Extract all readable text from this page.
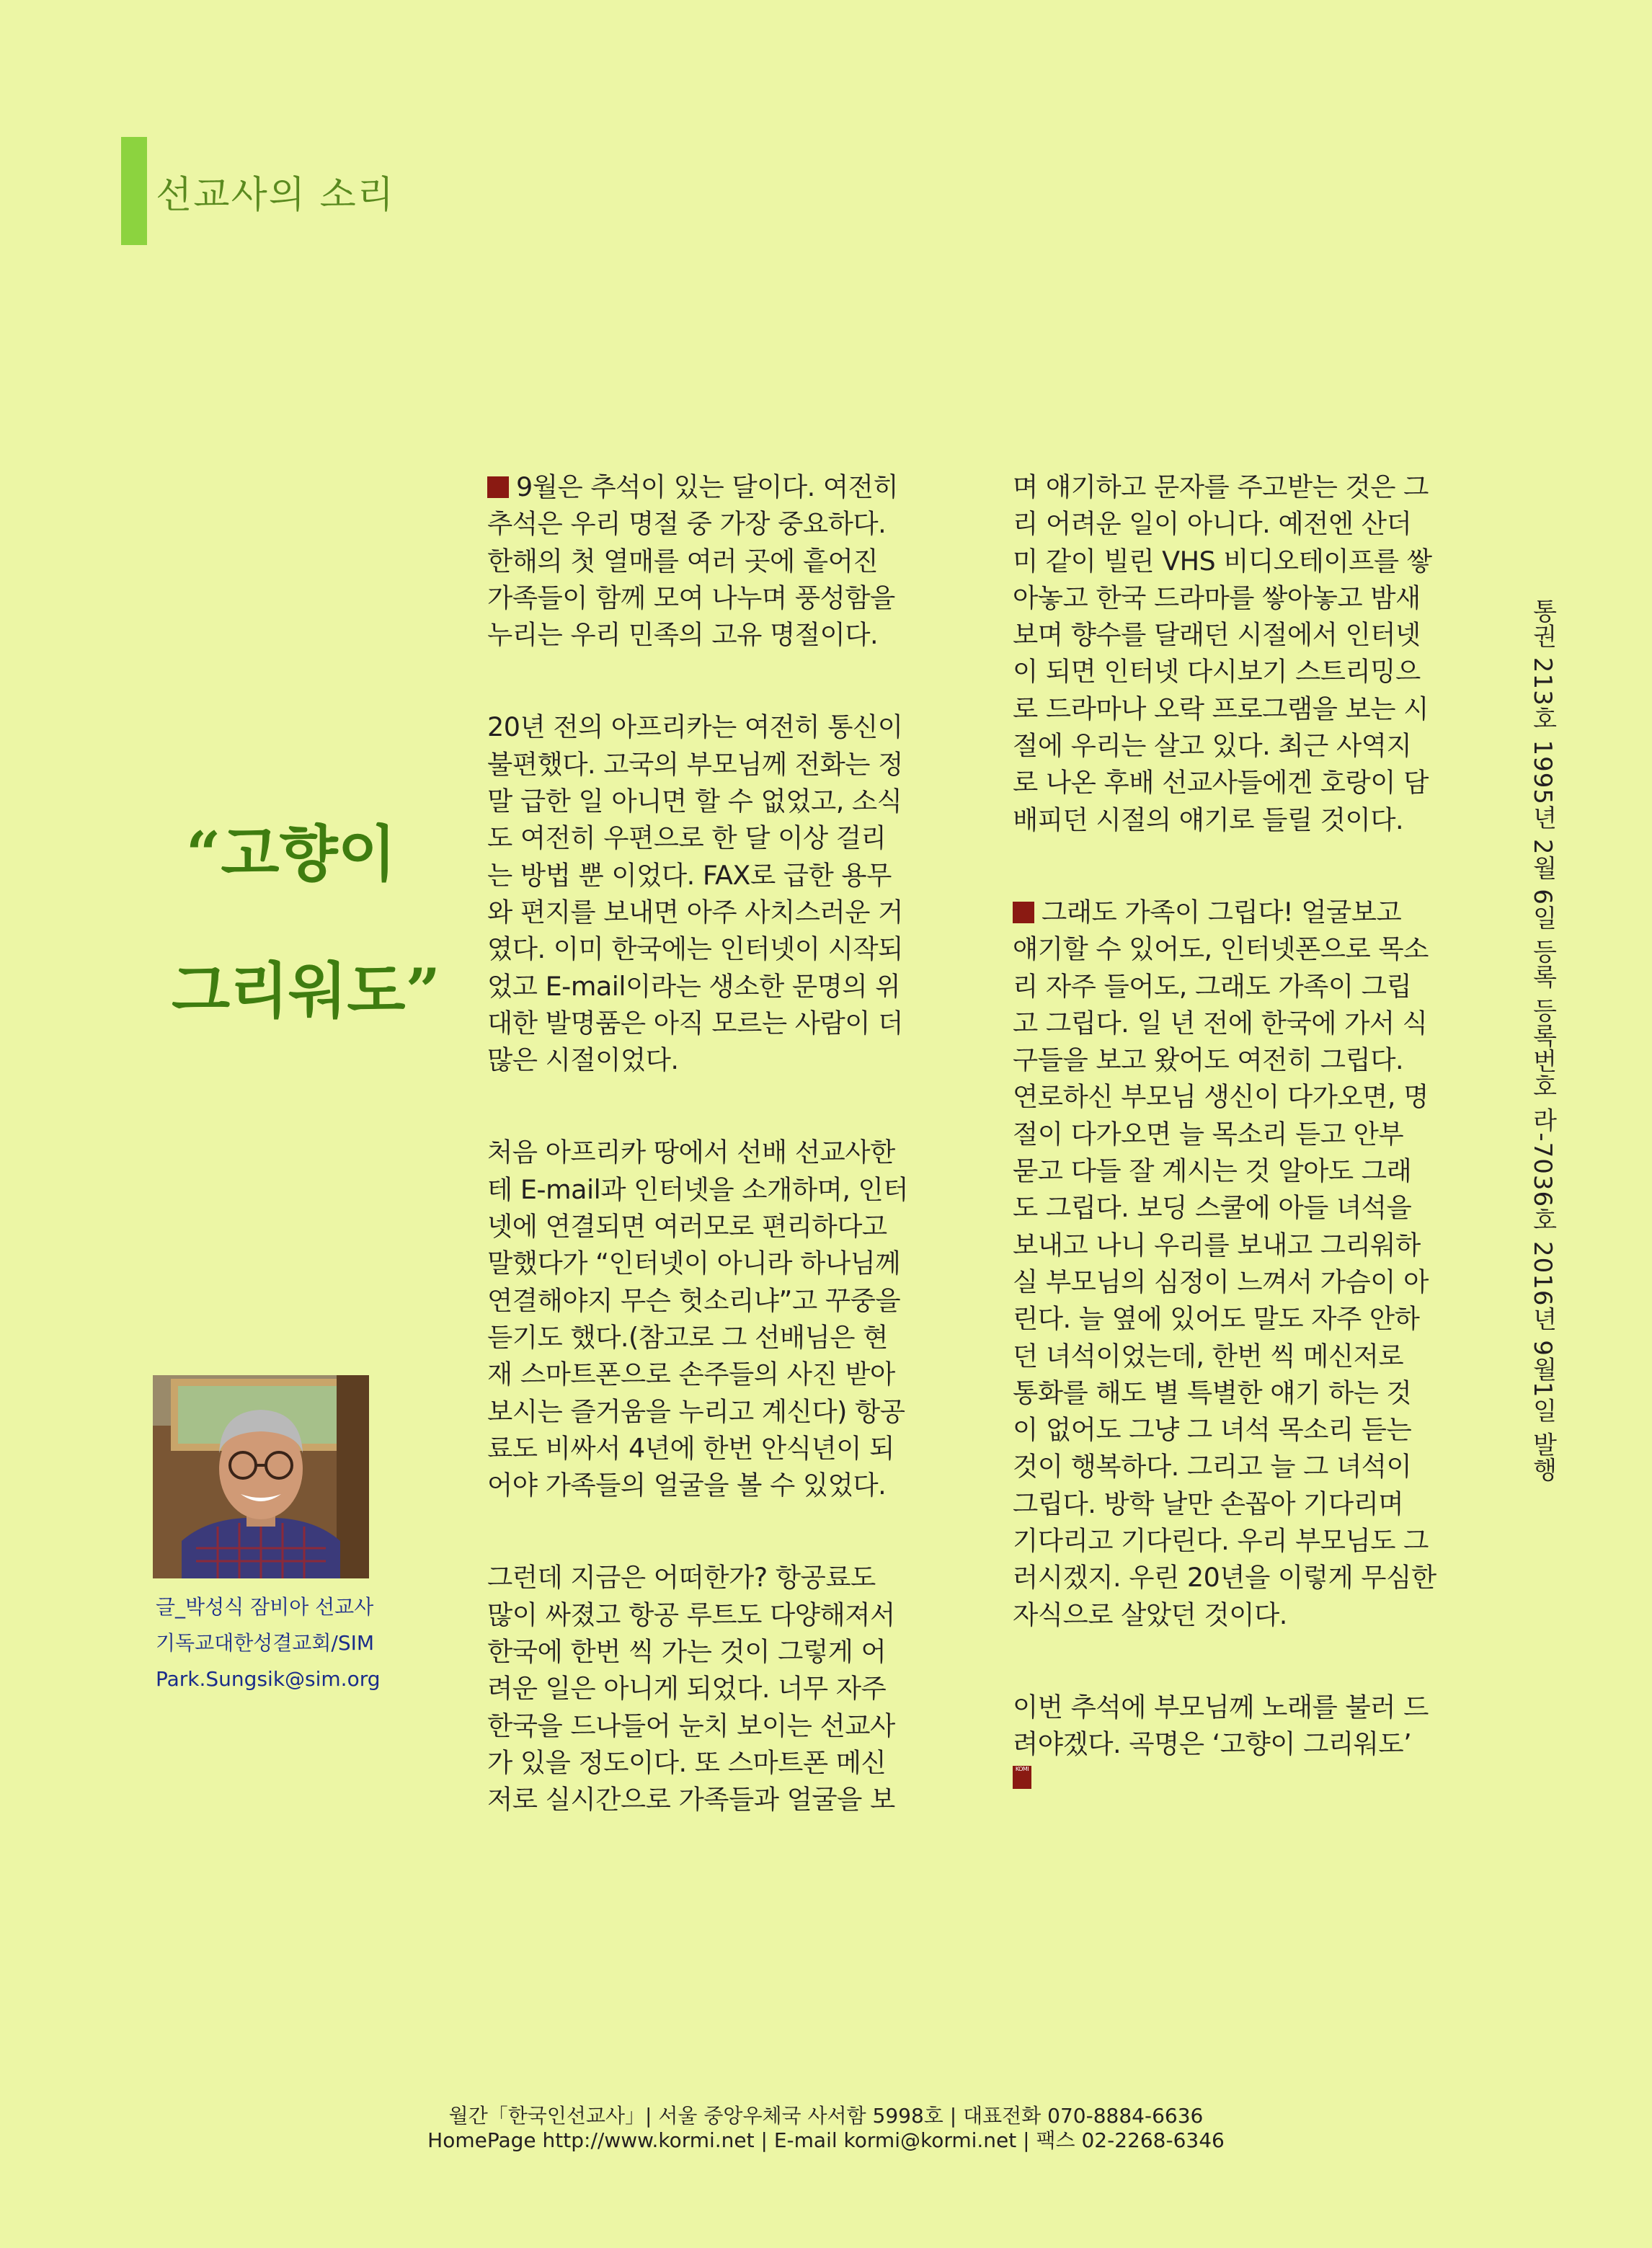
선교사의 소리
“고향이
그리워도”
글_박성식 잠비아 선교사
기독교대한성결교회/SIM
Park.Sungsik@sim.org
9월은 추석이 있는 달이다. 여전히
추석은 우리 명절 중 가장 중요하다.
한해의 첫 열매를 여러 곳에 흩어진
가족들이 함께 모여 나누며 풍성함을
누리는 우리 민족의 고유 명절이다.
20년 전의 아프리카는 여전히 통신이
불편했다. 고국의 부모님께 전화는 정
말 급한 일 아니면 할 수 없었고, 소식
도 여전히 우편으로 한 달 이상 걸리
는 방법 뿐 이었다. FAX로 급한 용무
와 편지를 보내면 아주 사치스러운 거
였다. 이미 한국에는 인터넷이 시작되
었고 E-mail이라는 생소한 문명의 위
대한 발명품은 아직 모르는 사람이 더
많은 시절이었다.
처음 아프리카 땅에서 선배 선교사한
테 E-mail과 인터넷을 소개하며, 인터
넷에 연결되면 여러모로 편리하다고
말했다가 “인터넷이 아니라 하나님께
연결해야지 무슨 헛소리냐”고 꾸중을
듣기도 했다.(참고로 그 선배님은 현
재 스마트폰으로 손주들의 사진 받아
보시는 즐거움을 누리고 계신다) 항공
료도 비싸서 4년에 한번 안식년이 되
어야 가족들의 얼굴을 볼 수 있었다.
그런데 지금은 어떠한가? 항공료도
많이 싸졌고 항공 루트도 다양해져서
한국에 한번 씩 가는 것이 그렇게 어
려운 일은 아니게 되었다. 너무 자주
한국을 드나들어 눈치 보이는 선교사
가 있을 정도이다. 또 스마트폰 메신
저로 실시간으로 가족들과 얼굴을 보
며 얘기하고 문자를 주고받는 것은 그
리 어려운 일이 아니다. 예전엔 산더
미 같이 빌린 VHS 비디오테이프를 쌓
아놓고 한국 드라마를 쌓아놓고 밤새
보며 향수를 달래던 시절에서 인터넷
이 되면 인터넷 다시보기 스트리밍으
로 드라마나 오락 프로그램을 보는 시
절에 우리는 살고 있다. 최근 사역지
로 나온 후배 선교사들에겐 호랑이 담
배피던 시절의 얘기로 들릴 것이다.
그래도 가족이 그립다! 얼굴보고
얘기할 수 있어도, 인터넷폰으로 목소
리 자주 들어도, 그래도 가족이 그립
고 그립다. 일 년 전에 한국에 가서 식
구들을 보고 왔어도 여전히 그립다.
연로하신 부모님 생신이 다가오면, 명
절이 다가오면 늘 목소리 듣고 안부
묻고 다들 잘 계시는 것 알아도 그래
도 그립다. 보딩 스쿨에 아들 녀석을
보내고 나니 우리를 보내고 그리워하
실 부모님의 심정이 느껴서 가슴이 아
린다. 늘 옆에 있어도 말도 자주 안하
던 녀석이었는데, 한번 씩 메신저로
통화를 해도 별 특별한 얘기 하는 것
이 없어도 그냥 그 녀석 목소리 듣는
것이 행복하다. 그리고 늘 그 녀석이
그립다. 방학 날만 손꼽아 기다리며
기다리고 기다린다. 우리 부모님도 그
러시겠지. 우린 20년을 이렇게 무심한
자식으로 살았던 것이다.
이번 추석에 부모님께 노래를 불러 드
려야겠다. 곡명은 ‘고향이 그리워도’
KOMI
통권 213호 1995년 2월 6일 등록 등록번호 라-7036호 2016년 9월1일 발행
월간「한국인선교사」| 서울 중앙우체국 사서함 5998호 | 대표전화 070-8884-6636
HomePage http://www.kormi.net | E-mail kormi@kormi.net | 팩스 02-2268-6346
